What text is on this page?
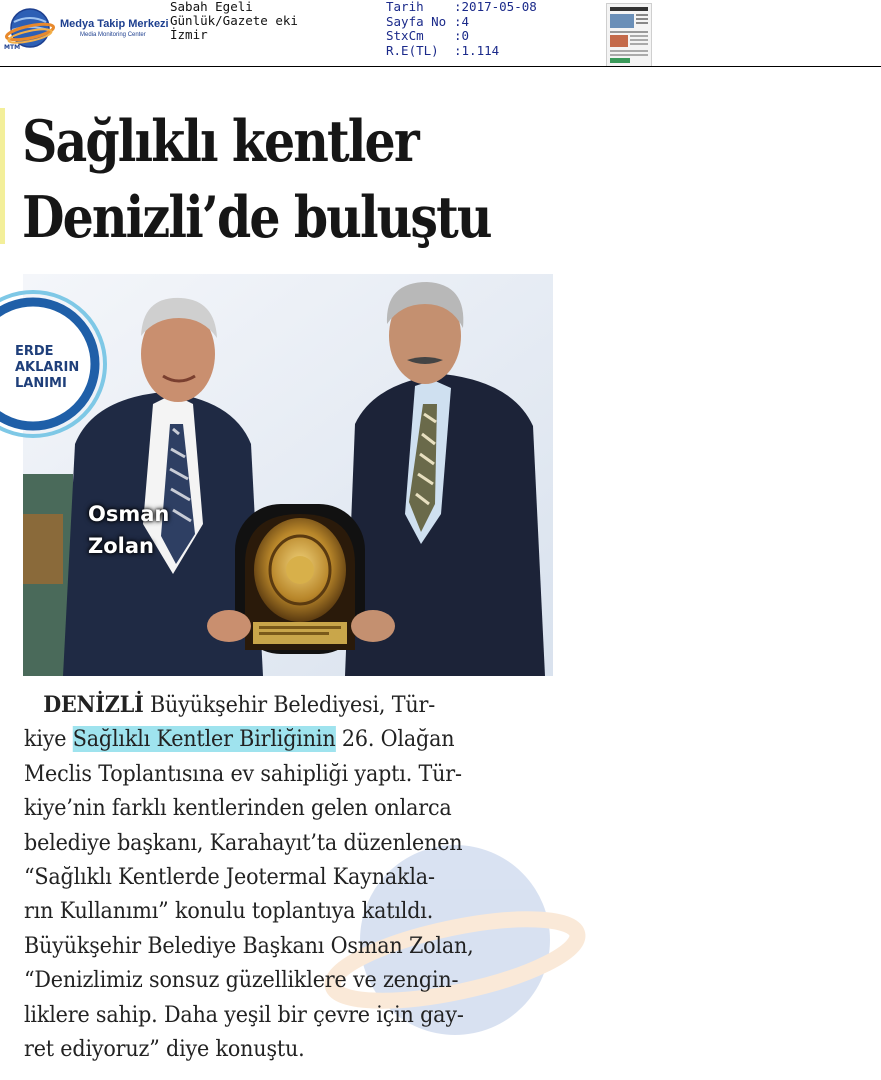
Medya Takip Merkezi
Media Monitoring Center
MTM
Sabah Egeli
Günlük/Gazete eki
İzmir
Tarih	:2017-05-08
Sayfa No :4
StxCm	:0
R.E(TL)	:1.114
Sağlıklı kentler
Denizli’de buluştu
ERDE
AKLARIN
LANIMI
Osman
Zolan
DENİZLİ Büyükşehir Belediyesi, Tür-
kiye Sağlıklı Kentler Birliğinin 26. Olağan
Meclis Toplantısına ev sahipliği yaptı. Tür-
kiye’nin farklı kentlerinden gelen onlarca
belediye başkanı, Karahayıt’ta düzenlenen
“Sağlıklı Kentlerde Jeotermal Kaynakla-
rın Kullanımı” konulu toplantıya katıldı.
Büyükşehir Belediye Başkanı Osman Zolan,
“Denizlimiz sonsuz güzelliklere ve zengin-
liklere sahip. Daha yeşil bir çevre için gay-
ret ediyoruz” diye konuştu.
